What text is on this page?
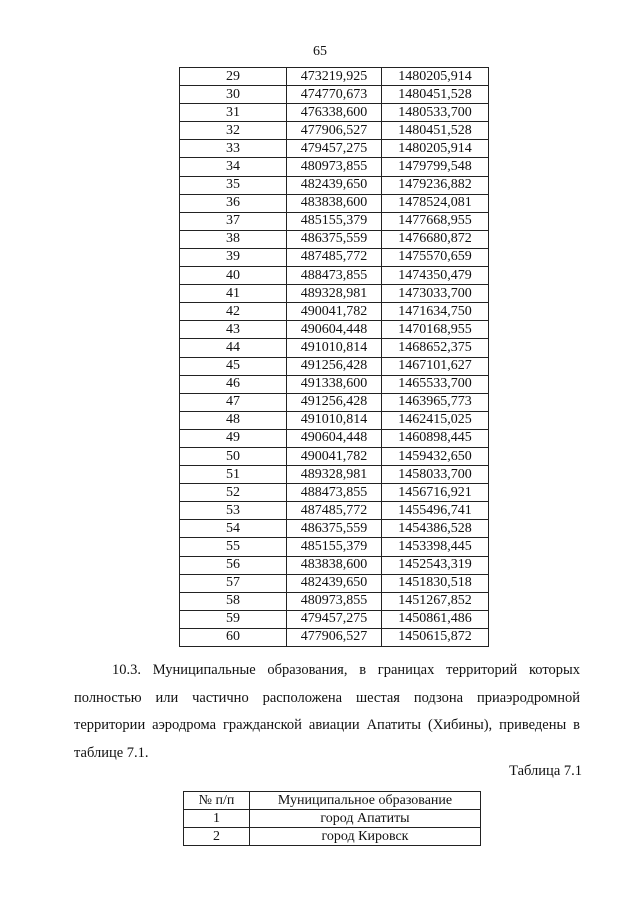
65
29	473219,925	1480205,914
30	474770,673	1480451,528
31	476338,600	1480533,700
32	477906,527	1480451,528
33	479457,275	1480205,914
34	480973,855	1479799,548
35	482439,650	1479236,882
36	483838,600	1478524,081
37	485155,379	1477668,955
38	486375,559	1476680,872
39	487485,772	1475570,659
40	488473,855	1474350,479
41	489328,981	1473033,700
42	490041,782	1471634,750
43	490604,448	1470168,955
44	491010,814	1468652,375
45	491256,428	1467101,627
46	491338,600	1465533,700
47	491256,428	1463965,773
48	491010,814	1462415,025
49	490604,448	1460898,445
50	490041,782	1459432,650
51	489328,981	1458033,700
52	488473,855	1456716,921
53	487485,772	1455496,741
54	486375,559	1454386,528
55	485155,379	1453398,445
56	483838,600	1452543,319
57	482439,650	1451830,518
58	480973,855	1451267,852
59	479457,275	1450861,486
60	477906,527	1450615,872

10.3. Муниципальные образования, в границах территорий которых полностью или частично расположена шестая подзона приаэродромной территории аэродрома гражданской авиации Апатиты (Хибины), приведены в таблице 7.1.

Таблица 7.1
№ п/п	Муниципальное образование
1	город Апатиты
2	город Кировск
